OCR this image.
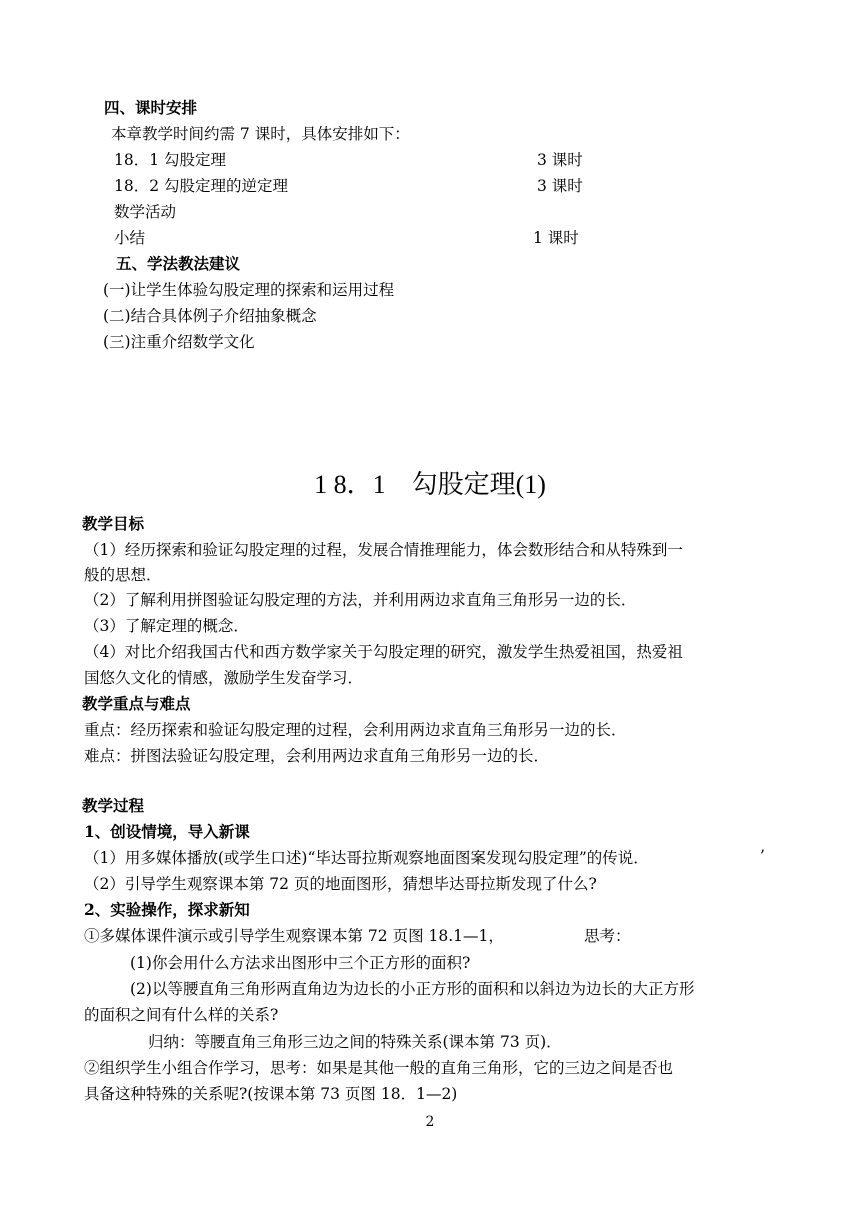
四、课时安排
本章教学时间约需 7 课时，具体安排如下：
18．1 勾股定理	3 课时
18．2 勾股定理的逆定理	3 课时
数学活动
小结	1 课时
五、学法教法建议
(一)让学生体验勾股定理的探索和运用过程
(二)结合具体例子介绍抽象概念
(三)注重介绍数学文化
1 8．1　勾股定理(1)
教学目标
（1）经历探索和验证勾股定理的过程，发展合情推理能力，体会数形结合和从特殊到一
般的思想．
（2）了解利用拼图验证勾股定理的方法，并利用两边求直角三角形另一边的长．
（3）了解定理的概念．
（4）对比介绍我国古代和西方数学家关于勾股定理的研究，激发学生热爱祖国，热爱祖
国悠久文化的情感，激励学生发奋学习．
教学重点与难点
重点：经历探索和验证勾股定理的过程，会利用两边求直角三角形另一边的长．
难点：拼图法验证勾股定理，会利用两边求直角三角形另一边的长．
教学过程
1、创设情境，导入新课
（1）用多媒体播放(或学生口述)“毕达哥拉斯观察地面图案发现勾股定理”的传说．	’
（2）引导学生观察课本第 72 页的地面图形，猜想毕达哥拉斯发现了什么?
2、实验操作，探求新知
①多媒体课件演示或引导学生观察课本第 72 页图 18.1—1，	思考：
(1)你会用什么方法求出图形中三个正方形的面积?
(2)以等腰直角三角形两直角边为边长的小正方形的面积和以斜边为边长的大正方形
的面积之间有什么样的关系?
归纳：等腰直角三角形三边之间的特殊关系(课本第 73 页)．
②组织学生小组合作学习，思考：如果是其他一般的直角三角形，它的三边之间是否也
具备这种特殊的关系呢?(按课本第 73 页图 18．1—2)
2
